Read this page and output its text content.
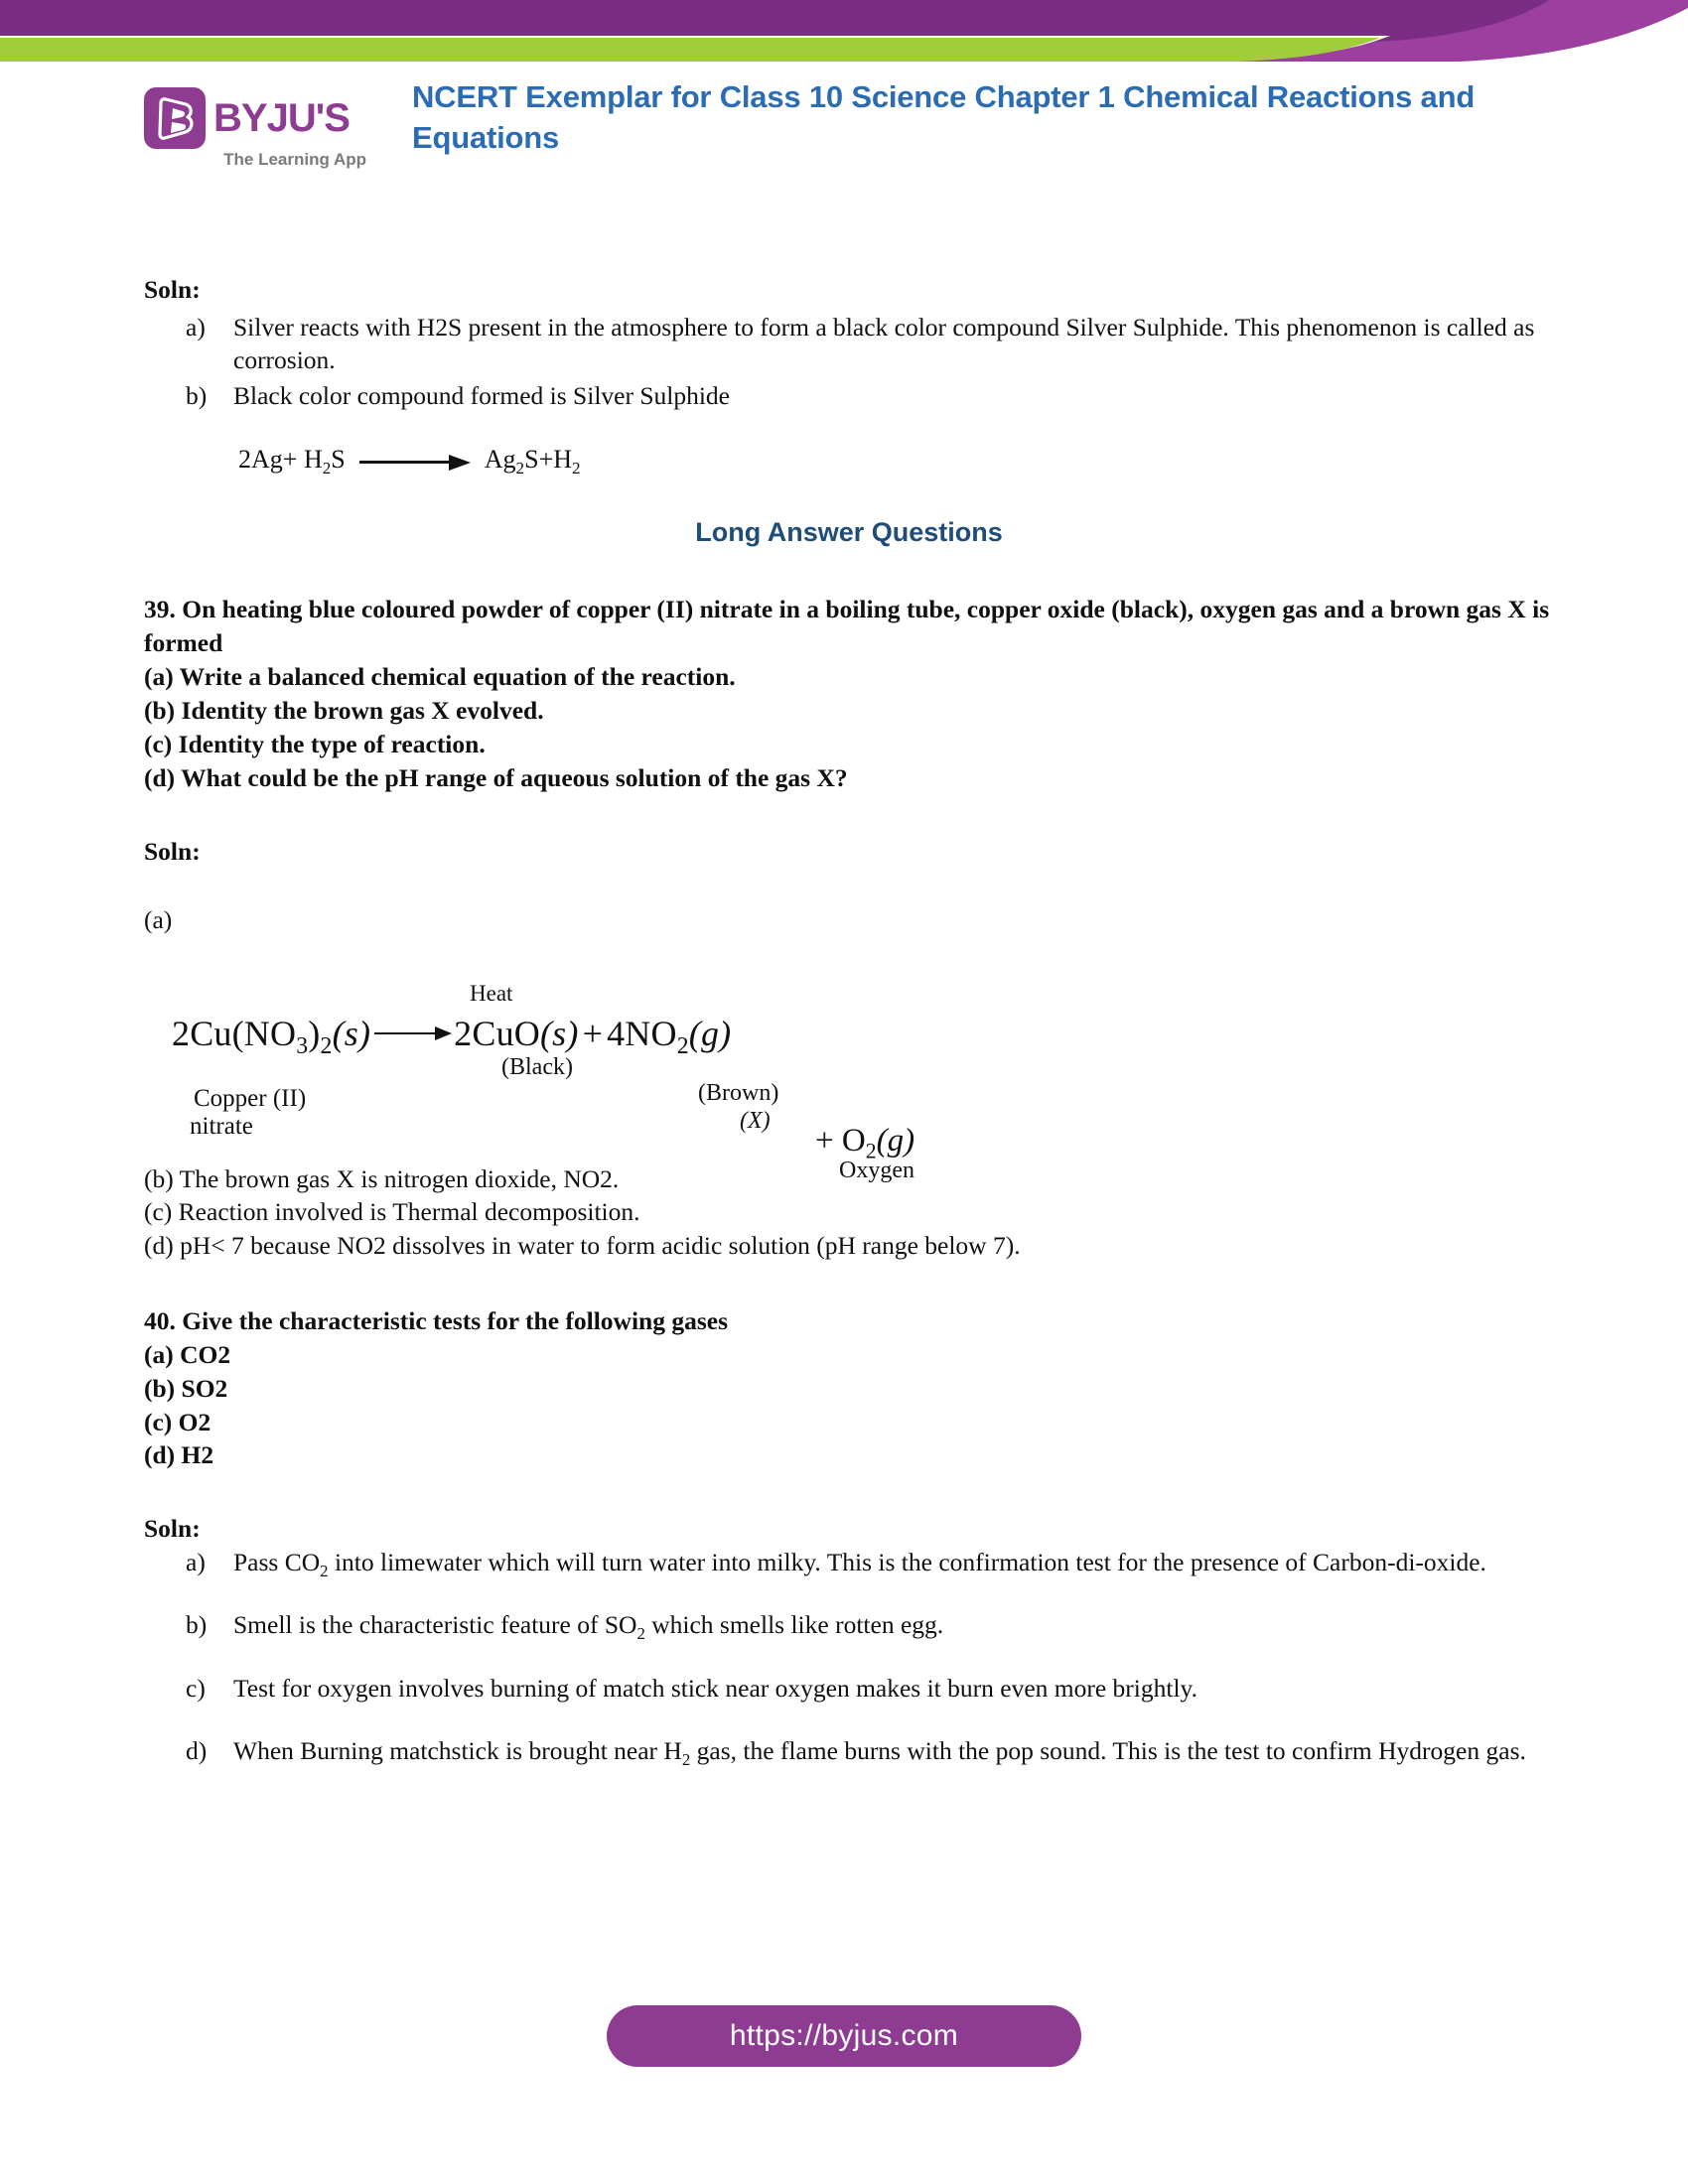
BYJU'S
The Learning App
NCERT Exemplar for Class 10 Science Chapter 1 Chemical Reactions and Equations
Soln:
a) Silver reacts with H2S present in the atmosphere to form a black color compound Silver Sulphide. This phenomenon is called as corrosion.
b) Black color compound formed is Silver Sulphide
$2Ag+ H_2S$	$Ag_2S+H_2$
Long Answer Questions

39. On heating blue coloured powder of copper (II) nitrate in a boiling tube, copper oxide (black), oxygen gas and a brown gas X is formed

(a) Write a balanced chemical equation of the reaction.

(b) Identity the brown gas X evolved.

(c) Identity the type of reaction.

(d) What could be the pH range of aqueous solution of the gas X?

Soln:
(a)
Heat
$2Cu(NO_3)_2(s) 2CuO(s) + 4NO_2(g)$
(Black)
(Brown)
(X)
Copper (II)
nitrate	+ $O_2(g)$
Oxygen
(b) The brown gas X is nitrogen dioxide, NO2.
(c) Reaction involved is Thermal decomposition.
(d) pH< 7 because NO2 dissolves in water to form acidic solution (pH range below 7).

40. Give the characteristic tests for the following gases

(a) CO2

(b) SO2

(c) O2

(d) H2

Soln:
a) Pass $CO_2$ into limewater which will turn water into milky. This is the confirmation test for the presence of Carbon-di-oxide.
b) Smell is the characteristic feature of $SO_2$ which smells like rotten egg.
c) Test for oxygen involves burning of match stick near oxygen makes it burn even more brightly.
d) When Burning matchstick is brought near $H_2$ gas, the flame burns with the pop sound. This is the test to confirm Hydrogen gas.
https://byjus.com
